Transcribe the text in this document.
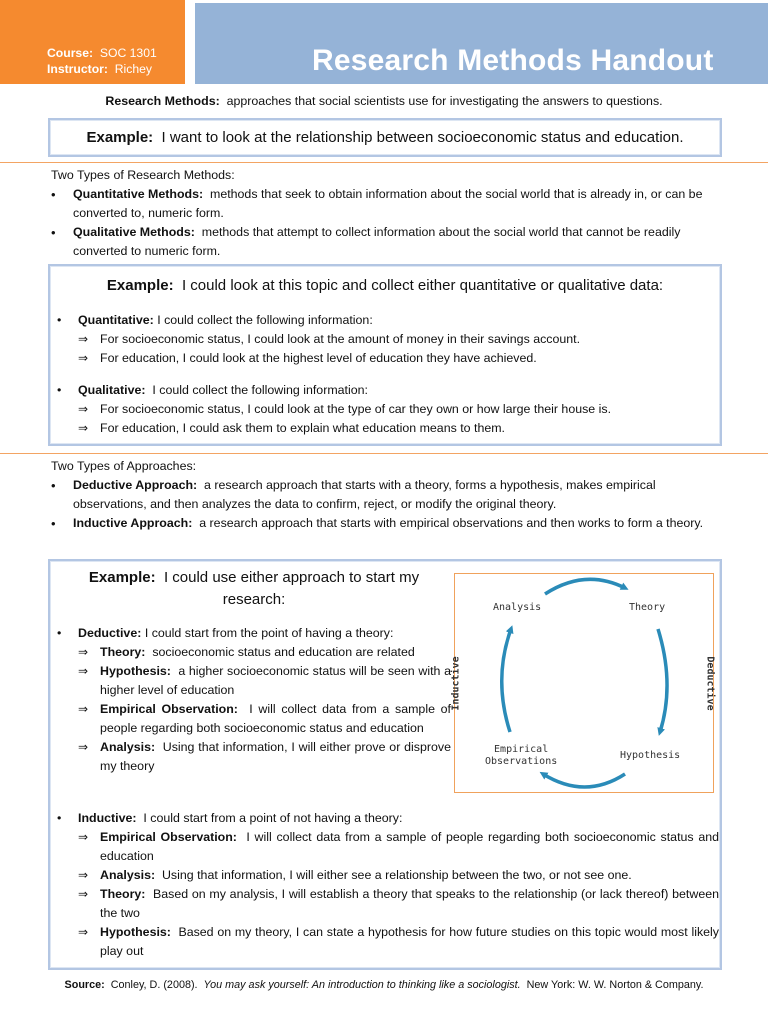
Course: SOC 1301
Instructor: Richey	Research Methods Handout
Research Methods: approaches that social scientists use for investigating the answers to questions.
Example: I want to look at the relationship between socioeconomic status and education.
Two Types of Research Methods:
• Quantitative Methods: methods that seek to obtain information about the social world that is already in, or can be converted to, numeric form.
• Qualitative Methods: methods that attempt to collect information about the social world that cannot be readily converted to numeric form.
Example: I could look at this topic and collect either quantitative or qualitative data:
• Quantitative: I could collect the following information:
⇒ For socioeconomic status, I could look at the amount of money in their savings account.
⇒ For education, I could look at the highest level of education they have achieved.
• Qualitative: I could collect the following information:
⇒ For socioeconomic status, I could look at the type of car they own or how large their house is.
⇒ For education, I could ask them to explain what education means to them.
Two Types of Approaches:
• Deductive Approach: a research approach that starts with a theory, forms a hypothesis, makes empirical observations, and then analyzes the data to confirm, reject, or modify the original theory.
• Inductive Approach: a research approach that starts with empirical observations and then works to form a theory.
Example: I could use either approach to start my
research:
• Deductive: I could start from the point of having a theory:
⇒ Theory: socioeconomic status and education are related
⇒ Hypothesis: a higher socioeconomic status will be seen with a higher level of education
⇒ Empirical Observation: I will collect data from a sample of people regarding both socioeconomic status and education
⇒ Analysis: Using that information, I will either prove or disprove my theory
Analysis	Theory
Hypothesis
Empirical
Observations
Inductive	Deductive
• Inductive: I could start from a point of not having a theory:
⇒ Empirical Observation: I will collect data from a sample of people regarding both socioeconomic status and education
⇒ Analysis: Using that information, I will either see a relationship between the two, or not see one.
⇒ Theory: Based on my analysis, I will establish a theory that speaks to the relationship (or lack thereof) between the two
⇒ Hypothesis: Based on my theory, I can state a hypothesis for how future studies on this topic would most likely play out
Source: Conley, D. (2008). You may ask yourself: An introduction to thinking like a sociologist. New York: W. W. Norton & Company.
